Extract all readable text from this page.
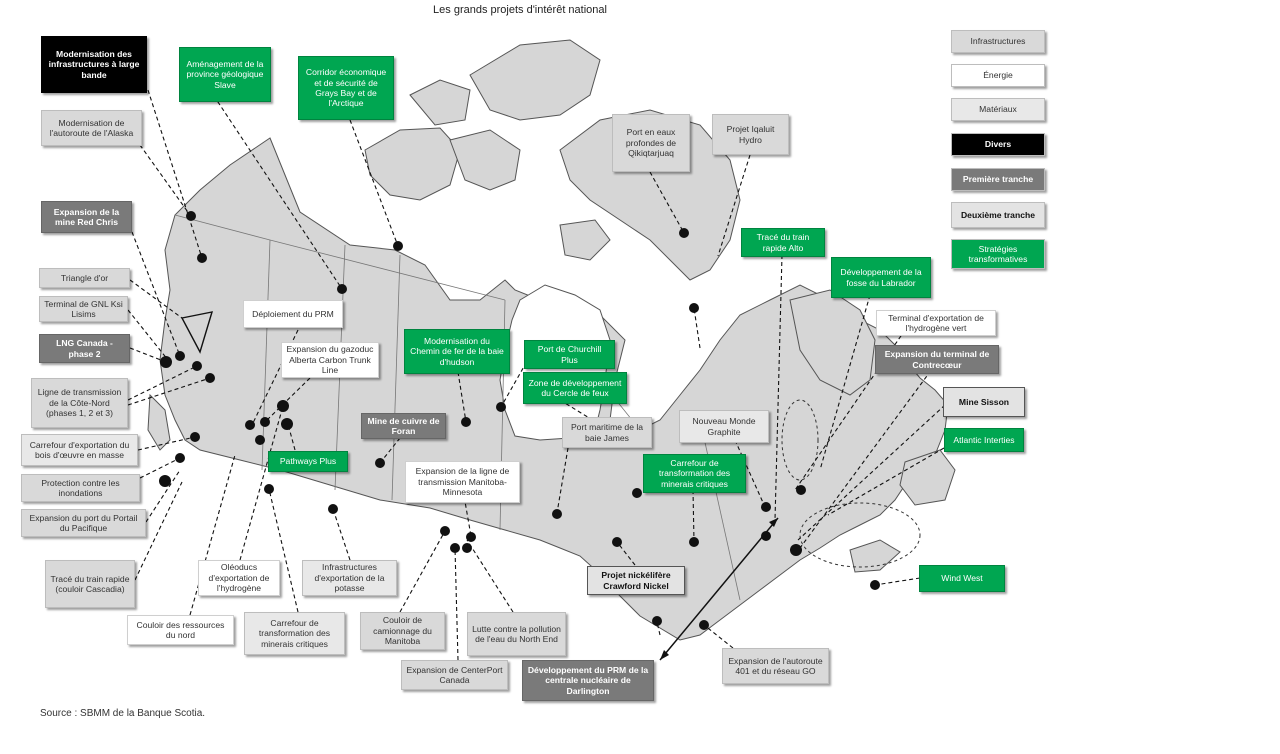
Les grands projets d'intérêt national
Modernisation des infrastructures à large bande
Aménagement de la province géologique Slave
Corridor économique et de sécurité de Grays Bay et de l'Arctique
Modernisation de l'autoroute de l'Alaska
Expansion de la mine Red Chris
Triangle d'or
Terminal de GNL Ksi Lisims
LNG Canada - phase 2
Ligne de transmission de la Côte-Nord (phases 1, 2 et 3)
Carrefour d'exportation du bois d'œuvre en masse
Protection contre les inondations
Expansion du port du Portail du Pacifique
Tracé du train rapide (couloir Cascadia)
Couloir des ressources du nord
Oléoducs d'exportation de l'hydrogène
Carrefour de transformation des minerais critiques
Infrastructures d'exportation de la potasse
Couloir de camionnage du Manitoba
Lutte contre la pollution de l'eau du North End
Expansion de CenterPort Canada
Développement du PRM de la centrale nucléaire de Darlington
Expansion de l'autoroute 401 et du réseau GO
Déploiement du PRM
Expansion du gazoduc Alberta Carbon Trunk Line
Modernisation du Chemin de fer de la baie d'hudson
Port de Churchill Plus
Zone de développement du Cercle de feux
Mine de cuivre de Foran
Pathways Plus
Port maritime de la baie James
Expansion de la ligne de transmission Manitoba-Minnesota
Nouveau Monde Graphite
Carrefour de transformation des minerais critiques
Projet nickélifère Crawford Nickel
Port en eaux profondes de Qikiqtarjuaq
Projet Iqaluit Hydro
Tracé du train rapide Alto
Développement de la fosse du Labrador
Terminal d'exportation de l'hydrogène vert
Expansion du terminal de Contrecœur
Mine Sisson
Atlantic Interties
Wind West
Infrastructures
Énergie
Matériaux
Divers
Première tranche
Deuxième tranche
Stratégies transformatives
Source : SBMM de la Banque Scotia.
